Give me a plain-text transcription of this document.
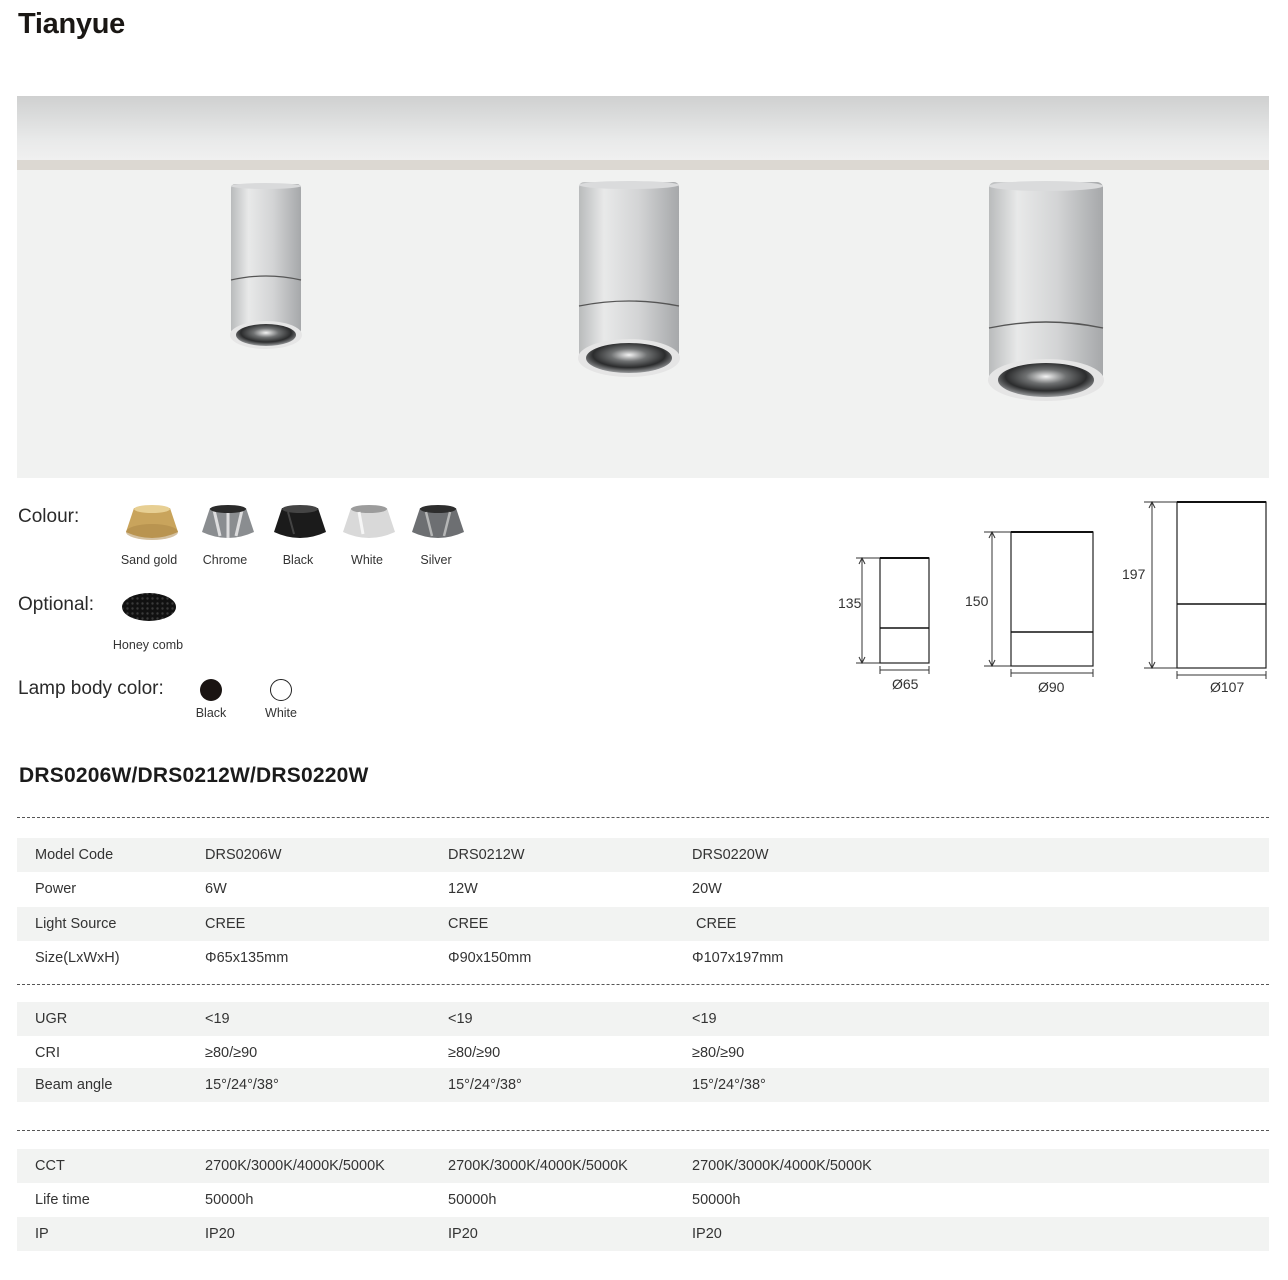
Tianyue
Colour:
Sand gold	Chrome	Black	White	Silver
Optional:
Honey comb
Lamp body color:
Black	White
135
Ø65
150
Ø90
197
Ø107
DRS0206W/DRS0212W/DRS0220W
Model Code	DRS0206W	DRS0212W	DRS0220W
Power	6W	12W	20W
Light Source	CREE	CREE	CREE
Size(LxWxH)	Φ65x135mm	Φ90x150mm	Φ107x197mm
UGR	<19	<19	<19
CRI	≥80/≥90	≥80/≥90	≥80/≥90
Beam angle	15°/24°/38°	15°/24°/38°	15°/24°/38°
CCT	2700K/3000K/4000K/5000K	2700K/3000K/4000K/5000K	2700K/3000K/4000K/5000K
Life time	50000h	50000h	50000h
IP	IP20	IP20	IP20
